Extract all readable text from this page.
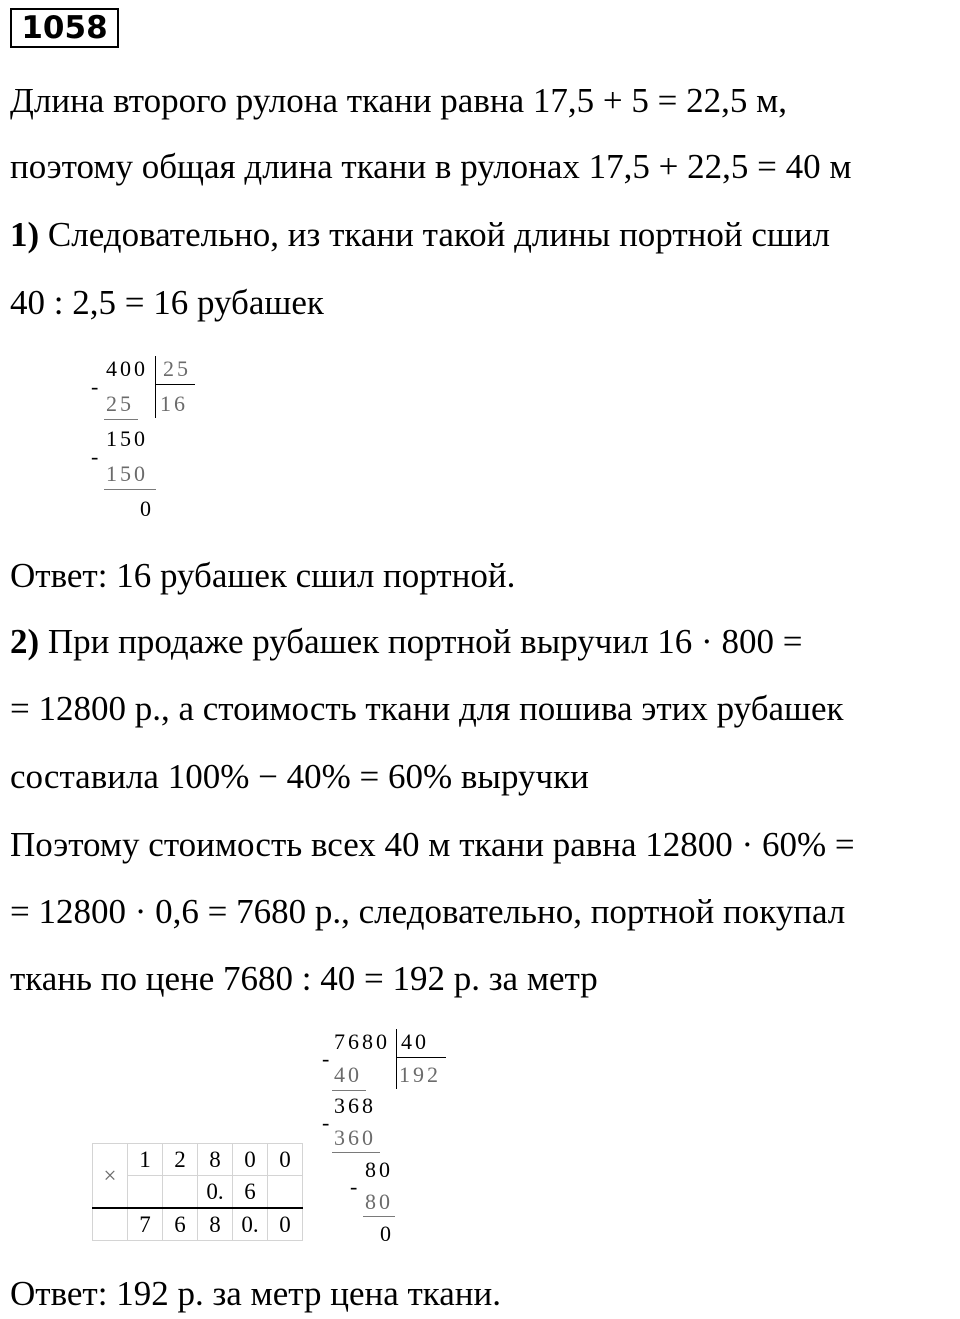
1058
Длина второго рулона ткани равна 17,5 + 5 = 22,5 м,
поэтому общая длина ткани в рулонах 17,5 + 22,5 = 40 м
1) Следовательно, из ткани такой длины портной сшил
40 : 2,5 = 16 рубашек
400 25
-
25 16
150
-
150
0
Ответ: 16 рубашек сшил портной.
2) При продаже рубашек портной выручил 16 · 800 =
= 12800 р., а стоимость ткани для пошива этих рубашек
составила 100% − 40% = 60% выручки
Поэтому стоимость всех 40 м ткани равна 12800 · 60% =
= 12800 · 0,6 = 7680 р., следовательно, портной покупал
ткань по цене 7680 : 40 = 192 р. за метр
7680 40
-
40 192
368
-
360
80
-
80
0
×	1	2	8	0	0
			0.	6	
	7	6	8	0.	0
Ответ: 192 р. за метр цена ткани.
